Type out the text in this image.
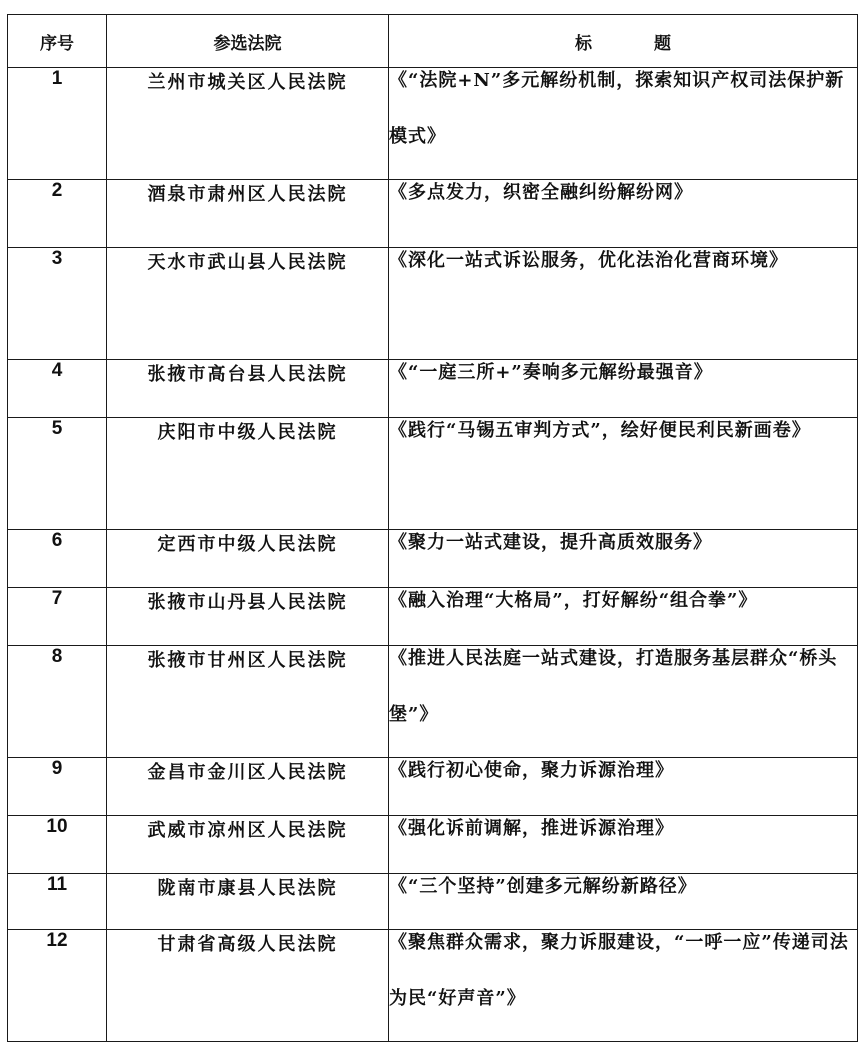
序号	参选法院	标 题
1	兰州市城关区人民法院	《“法院+N”多元解纷机制，探索知识产权司法保护新模式》

2	酒泉市肃州区人民法院	《多点发力，织密全融纠纷解纷网》

3	天水市武山县人民法院	《深化一站式诉讼服务，优化法治化营商环境》

4	张掖市高台县人民法院	《“一庭三所+”奏响多元解纷最强音》

5	庆阳市中级人民法院	《践行“马锡五审判方式”，绘好便民利民新画卷》

6	定西市中级人民法院	《聚力一站式建设，提升高质效服务》

7	张掖市山丹县人民法院	《融入治理“大格局”，打好解纷“组合拳”》

8	张掖市甘州区人民法院	《推进人民法庭一站式建设，打造服务基层群众“桥头堡”》

9	金昌市金川区人民法院	《践行初心使命，聚力诉源治理》

10	武威市凉州区人民法院	《强化诉前调解，推进诉源治理》

11	陇南市康县人民法院	《“三个坚持”创建多元解纷新路径》

12	甘肃省高级人民法院	《聚焦群众需求，聚力诉服建设，“一呼一应”传递司法为民“好声音”》
